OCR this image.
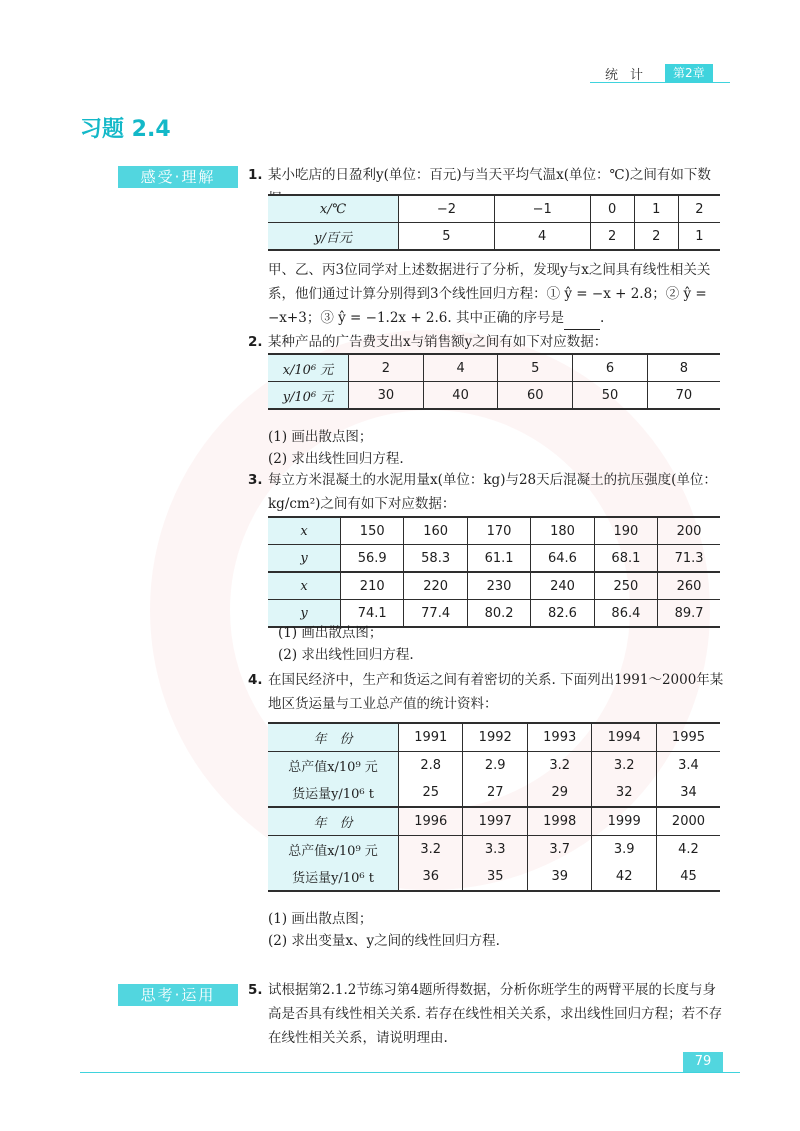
统计	第2章
习题 2.4
感受·理解	1. 某小吃店的日盈利y(单位：百元)与当天平均气温x(单位：℃)之间有如下数
x/℃	−2	−1	0	1	2
y/百元	5	4	2	2	1
甲、乙、丙3位同学对上述数据进行了分析，发现y与x之间具有线性相关关系，他们通过计算分别得到3个线性回归方程：① ŷ = −x + 2.8；② ŷ = −x+3；③ ŷ = −1.2x + 2.6. 其中正确的序号是	.
2. 某种产品的广告费支出x与销售额y之间有如下对应数据：
x/10⁶ 元	2	4	5	6	8
y/10⁶ 元	30	40	60	50	70
(1) 画出散点图；
(2) 求出线性回归方程.
3. 每立方米混凝土的水泥用量x(单位：kg)与28天后混凝土的抗压强度(单位：kg/cm²)之间有如下对应数据：
x	150	160	170	180	190	200
y	56.9	58.3	61.1	64.6	68.1	71.3
x	210	220	230	240	250	260
y	74.1	77.4	80.2	82.6	86.4	89.7
(1) 画出散点图；
(2) 求出线性回归方程.
4. 在国民经济中，生产和货运之间有着密切的关系. 下面列出1991～2000年某地区货运量与工业总产值的统计资料：
年　份	1991	1992	1993	1994	1995
总产值x/10⁹ 元	2.8	2.9	3.2	3.2	3.4
货运量y/10⁶ t	25	27	29	32	34
年　份	1996	1997	1998	1999	2000
总产值x/10⁹ 元	3.2	3.3	3.7	3.9	4.2
货运量y/10⁶ t	36	35	39	42	45
(1) 画出散点图；
(2) 求出变量x、y之间的线性回归方程.
思考·运用	5. 试根据第2.1.2节练习第4题所得数据，分析你班学生的两臂平展的长度与身高是否具有线性相关关系. 若存在线性相关关系，求出线性回归方程；若不存在线性相关关系，请说明理由.
79
